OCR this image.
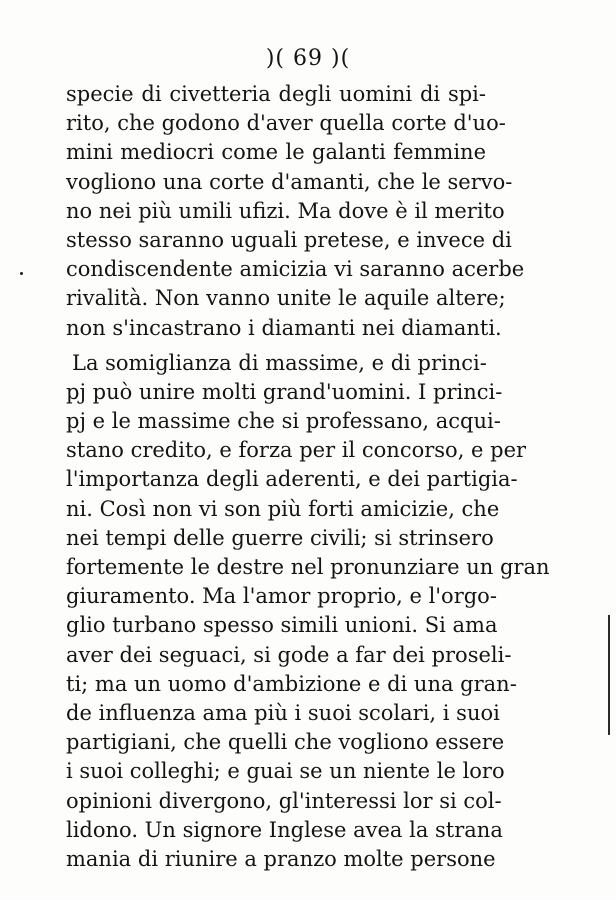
)( 69 )(
specie di civetteria degli uomini di spi-
rito, che godono d'aver quella corte d'uo-
mini mediocri come le galanti femmine
vogliono una corte d'amanti, che le servo-
no nei più umili ufizi. Ma dove è il merito
stesso saranno uguali pretese, e invece di
condiscendente amicizia vi saranno acerbe
rivalità. Non vanno unite le aquile altere;
non s'incastrano i diamanti nei diamanti.
La somiglianza di massime, e di princi-
pj può unire molti grand'uomini. I princi-
pj e le massime che si professano, acqui-
stano credito, e forza per il concorso, e per
l'importanza degli aderenti, e dei partigia-
ni. Così non vi son più forti amicizie, che
nei tempi delle guerre civili; si strinsero
fortemente le destre nel pronunziare un gran
giuramento. Ma l'amor proprio, e l'orgo-
glio turbano spesso simili unioni. Si ama
aver dei seguaci, si gode a far dei proseli-
ti; ma un uomo d'ambizione e di una gran-
de influenza ama più i suoi scolari, i suoi
partigiani, che quelli che vogliono essere
i suoi colleghi; e guai se un niente le loro
opinioni divergono, gl'interessi lor si col-
lidono. Un signore Inglese avea la strana
mania di riunire a pranzo molte persone
